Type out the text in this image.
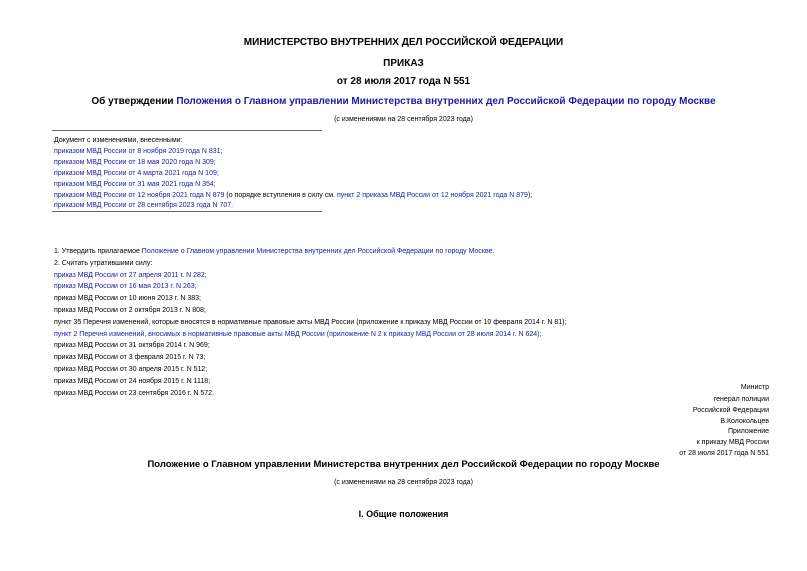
МИНИСТЕРСТВО ВНУТРЕННИХ ДЕЛ РОССИЙСКОЙ ФЕДЕРАЦИИ
ПРИКАЗ
от 28 июля 2017 года N 551
Об утверждении Положения о Главном управлении Министерства внутренних дел Российской Федерации по городу Москве
(с изменениями на 28 сентября 2023 года)
Документ с изменениями, внесенными:
приказом МВД России от 8 ноября 2019 года N 831;
приказом МВД России от 18 мая 2020 года N 309;
приказом МВД России от 4 марта 2021 года N 109;
приказом МВД России от 31 мая 2021 года N 354;
приказом МВД России от 12 ноября 2021 года N 879 (о порядке вступления в силу см. пункт 2 приказа МВД России от 12 ноября 2021 года N 879);
приказом МВД России от 28 сентября 2023 года N 707.
1. Утвердить прилагаемое Положение о Главном управлении Министерства внутренних дел Российской Федерации по городу Москве.
2. Считать утратившими силу:
приказ МВД России от 27 апреля 2011 г. N 282;
приказ МВД России от 16 мая 2013 г. N 263;
приказ МВД России от 10 июня 2013 г. N 383;
приказ МВД России от 2 октября 2013 г. N 808;
пункт 35 Перечня изменений, которые вносятся в нормативные правовые акты МВД России (приложение к приказу МВД России от 10 февраля 2014 г. N 81);
пункт 2 Перечня изменений, вносимых в нормативные правовые акты МВД России (приложение N 2 к приказу МВД России от 28 июля 2014 г. N 624);
приказ МВД России от 31 октября 2014 г. N 969;
приказ МВД России от 3 февраля 2015 г. N 73;
приказ МВД России от 30 апреля 2015 г. N 512;
приказ МВД России от 24 ноября 2015 г. N 1118;
приказ МВД России от 23 сентября 2016 г. N 572.
Министр
генерал полиции
Российской Федерации
В.Колокольцев
Приложение
к приказу МВД России
от 28 июля 2017 года N 551
Положение о Главном управлении Министерства внутренних дел Российской Федерации по городу Москве
(с изменениями на 28 сентября 2023 года)
I. Общие положения
